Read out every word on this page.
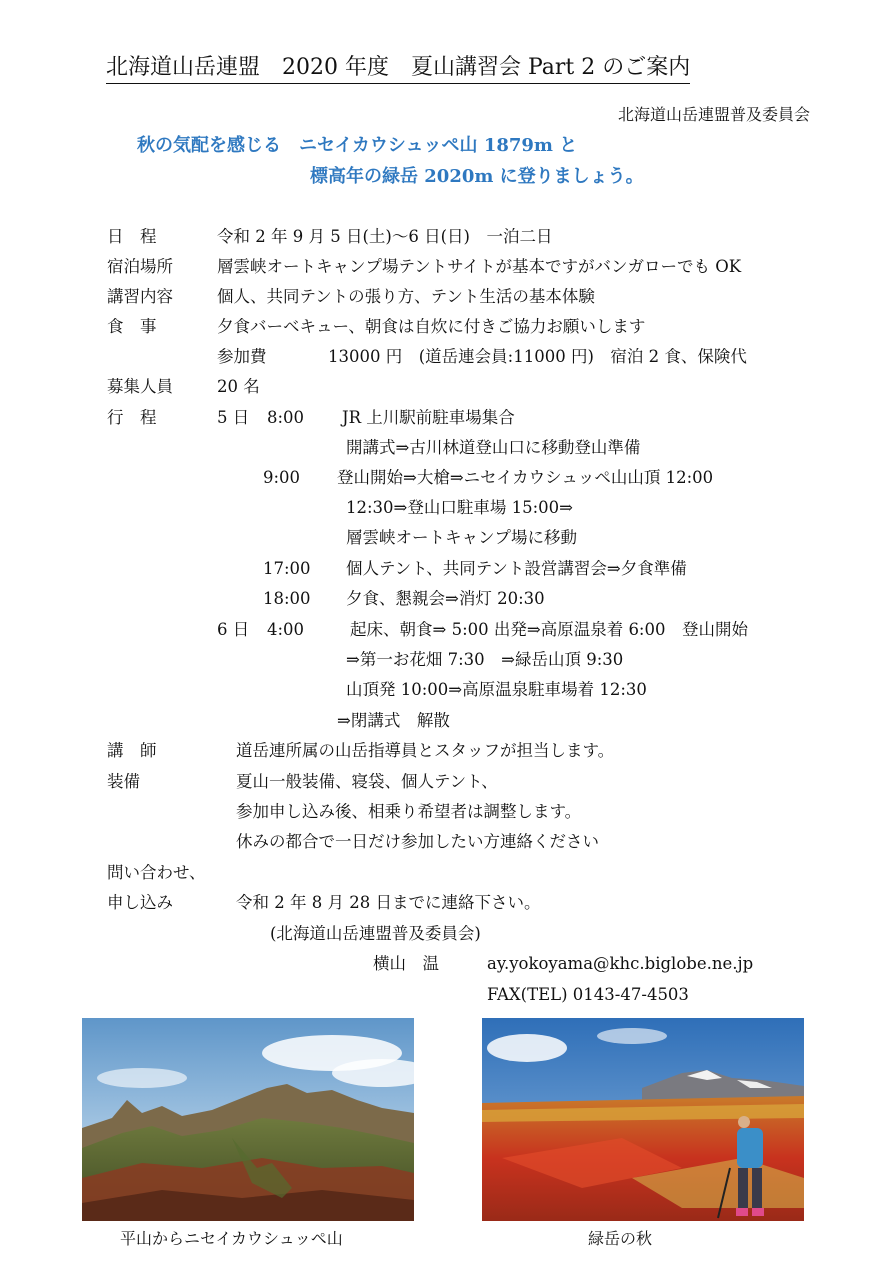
北海道山岳連盟　2020 年度　夏山講習会 Part 2 のご案内
北海道山岳連盟普及委員会
秋の気配を感じる　ニセイカウシュッペ山 1879m と
標高年の緑岳 2020m に登りましょう。
日　程	令和 2 年 9 月 5 日(土)～6 日(日)　一泊二日
宿泊場所	層雲峡オートキャンプ場テントサイトが基本ですがバンガローでも OK
講習内容	個人、共同テントの張り方、テント生活の基本体験
食　事	夕食バーベキュー、朝食は自炊に付きご協力お願いします
参加費	13000 円　(道岳連会員:11000 円)　宿泊 2 食、保険代
募集人員	20 名
行　程	5 日 8:00 JR 上川駅前駐車場集合
開講式⇒古川林道登山口に移動登山準備
9:00 登山開始⇒大槍⇒ニセイカウシュッペ山山頂 12:00
12:30⇒登山口駐車場 15:00⇒
層雲峡オートキャンプ場に移動
17:00 個人テント、共同テント設営講習会⇒夕食準備
18:00 夕食、懇親会⇒消灯 20:30
6 日 4:00	起床、朝食⇒ 5:00 出発⇒高原温泉着 6:00　登山開始
⇒第一お花畑 7:30　⇒緑岳山頂 9:30
山頂発 10:00⇒高原温泉駐車場着 12:30
⇒閉講式　解散
講　師	道岳連所属の山岳指導員とスタッフが担当します。
装備	夏山一般装備、寝袋、個人テント、
参加申し込み後、相乗り希望者は調整します。
休みの都合で一日だけ参加したい方連絡ください
問い合わせ、
申し込み	令和 2 年 8 月 28 日までに連絡下さい。
(北海道山岳連盟普及委員会)
横山　温	ay.yokoyama@khc.biglobe.ne.jp
FAX(TEL) 0143-47-4503
平山からニセイカウシュッペ山	緑岳の秋
